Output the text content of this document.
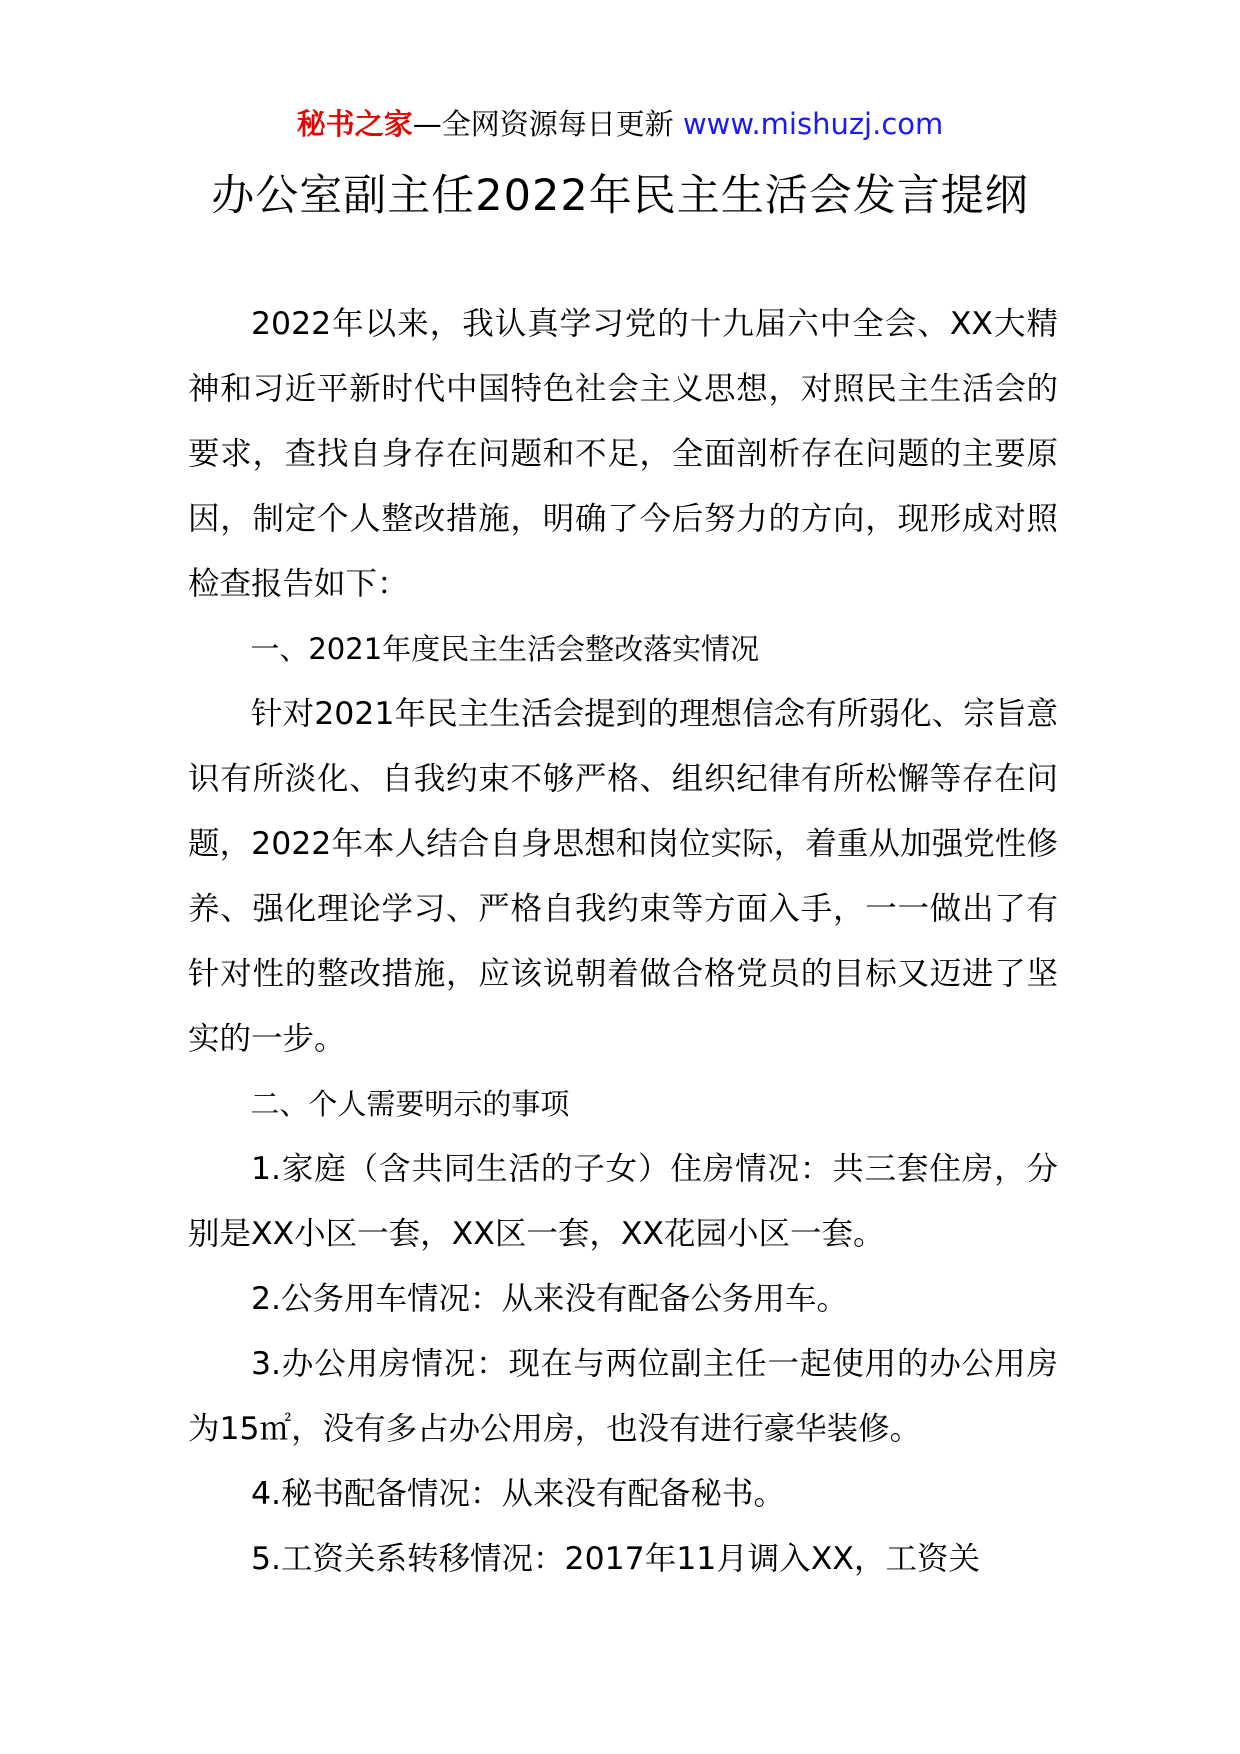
秘书之家—全网资源每日更新 www.mishuzj.com
办公室副主任2022年民主生活会发言提纲

2022年以来，我认真学习党的十九届六中全会、XX大精神和习近平新时代中国特色社会主义思想，对照民主生活会的要求，查找自身存在问题和不足，全面剖析存在问题的主要原因，制定个人整改措施，明确了今后努力的方向，现形成对照检查报告如下：

一、2021年度民主生活会整改落实情况

针对2021年民主生活会提到的理想信念有所弱化、宗旨意识有所淡化、自我约束不够严格、组织纪律有所松懈等存在问题，2022年本人结合自身思想和岗位实际，着重从加强党性修养、强化理论学习、严格自我约束等方面入手，一一做出了有针对性的整改措施，应该说朝着做合格党员的目标又迈进了坚实的一步。

二、个人需要明示的事项

1.家庭（含共同生活的子女）住房情况：共三套住房，分别是XX小区一套，XX区一套，XX花园小区一套。

2.公务用车情况：从来没有配备公务用车。

3.办公用房情况：现在与两位副主任一起使用的办公用房为15㎡，没有多占办公用房，也没有进行豪华装修。

4.秘书配备情况：从来没有配备秘书。

5.工资关系转移情况：2017年11月调入XX，工资关
